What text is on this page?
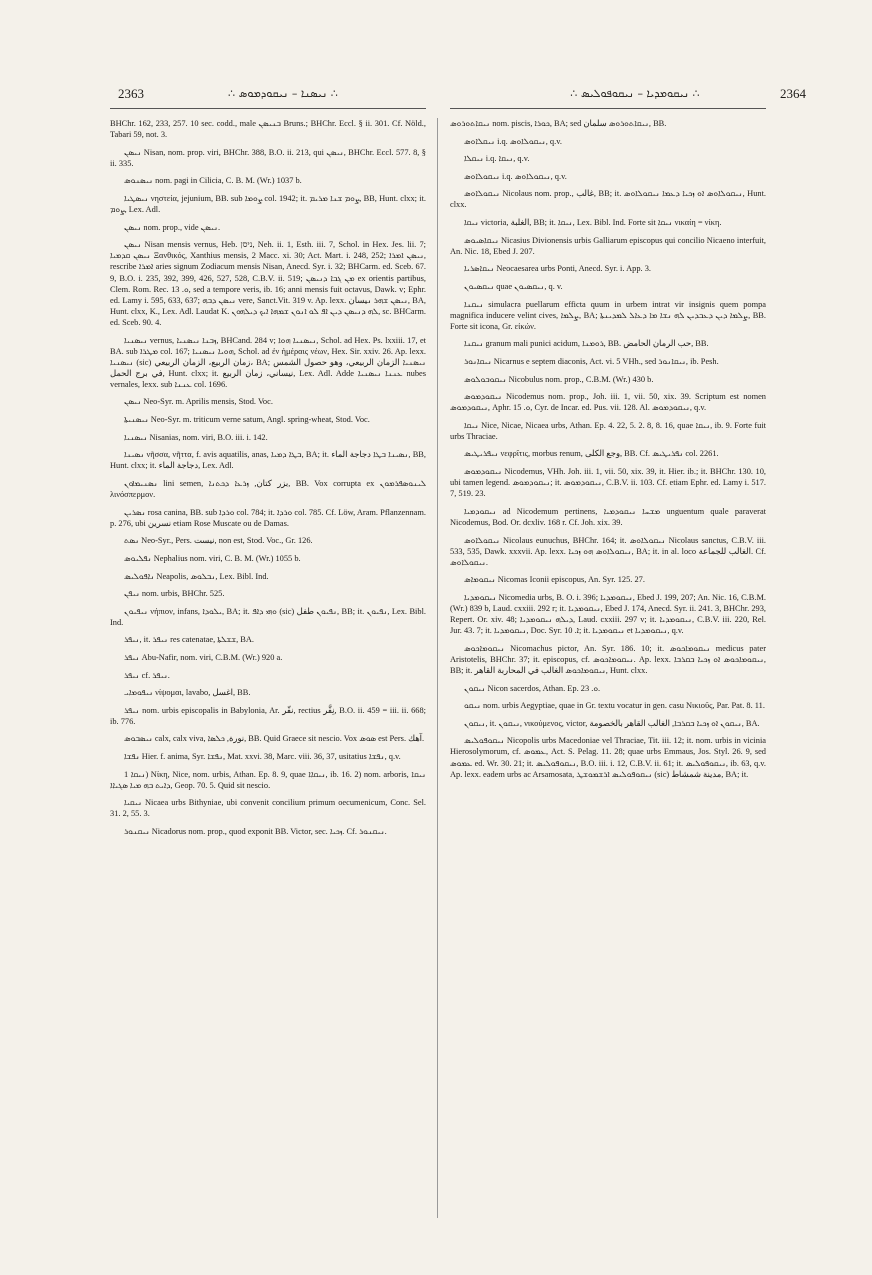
2363	∴ ܢܝܣܢܐ – ܢܝܩܘܕܡܘܣ ∴	∴ ܢܝܩܘܡܕܝܐ – ܢܝܩܘܦܘܠܝܣ ∴	2364

BHChr. 162, 233, 257. 10 sec. codd., male ܒܢܝܣܢ Bruns.; BHChr. Eccl. § ii. 301. Cf. Nöld., Tabari 59, not. 3.

ܢܝܣܢ Nisan, nom. prop. viri, BHChr. 388, B.O. ii. 213, qui ܢܝܣܢ, BHChr. Eccl. 577. 8, § ii. 335.

ܢܝܣܢܘܣ nom. pagi in Cilicia, C. B. M. (Wr.) 1037 b.

ܢܝܣܛܝܐ νηστεία, jejunium, BB. sub ܨܘܡܐ col. 1942; it. ܨܘܡ ܫܢܐ ܡܪܝܡ, BB, Hunt. clxx; it. ܨܘܡ, Lex. Adl.

ܢܝܣܢ nom. prop., vide ܢܝܣܢ.

ܢܝܣܢ Nisan mensis vernus, Heb. ניסן, Neh. ii. 1, Esth. iii. 7, Schol. in Hex. Jes. lii. 7; ܢܝܣܢ ܩܕܡܝܐ Ξανθικός, Xanthius mensis, 2 Macc. xi. 30; Act. Mart. i. 248, 252; ܢܝܣܢ ܐܡܪܐ, rescribe ܐܡܪܐ aries signum Zodiacum mensis Nisan, Anecd. Syr. i. 32; BHCarm. ed. Sceb. 67. 9, B.O. i. 235, 392, 399, 426, 527, 528, C.B.V. ii. 519; ܡܢ ܓܒܐ ܕܢܝܣܢ ex orientis partibus, Clem. Rom. Rec. ܘ. 13, sed a tempore veris, ib. 16; anni mensis fuit octavus, Dawk. v; Ephr. ed. Lamy i. 595, 633, 637; ܢܝܣܢ ܕܒܗ vere, Sanct.Vit. 319 v. Ap. lexx. ܢܝܣܢ ܫܗܪ ܢيسان, BA, Hunt. clxx, K., Lex. Adl. Laudat K. ܠܗ ܕܢܝܣܢ ܕܝܢ ܐܦ ܠܘ ܐܢܘܢ ܫܡܗܐ ܐܝܟ ܕܝܠܗܘܢ, sc. BHCarm. ed. Sceb. 90. 4.

ܢܝܣܢܝܐ vernus, ܙܒܢܐ ܢܝܣܢܝܐ, BHCand. 284 v; ܢܝܣܢܝܐ ܗܘܐ, Schol. ad Hex. Ps. lxxiii. 17, et BA. sub ܡܛܪܐ col. 167; ܗܘܝܐ ܢܝܣܢܝܐ, Schol. ad ἐν ἡμέραις νέων, Hex. Sir. xxiv. 26. Ap. lexx. ܢܝܣܢܝܐ (sic) زمان الربيع، الزمان الربيعي، BA; ܢܝܣܢܝܐ الزمان الربيعي، وهو حصول الشمس في برج الحمل, Hunt. clxx; it. نيساني، زمان الربيع, Lex. Adl. Adde ܥܢܢܐ ܢܝܣܢܝܐ nubes vernales, lexx. sub ܥܢܢܐ col. 1696.

ܢܝܣܢ Neo-Syr. m. Aprilis mensis, Stod. Voc.

ܢܝܣܢܝܬܐ Neo-Syr. m. triticum verne satum, Angl. spring-wheat, Stod. Voc.

ܢܝܣܢܝܐ Nisanias, nom. viri, B.O. iii. i. 142.

ܢܣܝܢܐ νῆσσα, νῆττα, f. avis aquatilis, anas, ܒܛܐ ܕܡܝܐ, BA; it. ܢܣܝܢܐ ܒܛܐ دجاجة الماء, BB, Hunt. clxx; it. دجاجة الماء, Lex. Adl.

ܢܣܢܝܡܐܘܢ lini semen, بزر كتان, ܙܪܥܐ ܕܟܬܢܐ, BB. Vox corrupta ex ܠܝܢܘܣܦܪܡܘܢ λινόσπερμον.

ܢܣܪܝܢ rosa canina, BB. sub ܘܪܕܐ col. 784; it. ܘܪܕܐ col. 785. Cf. Löw, Aram. Pflanzennam. p. 276, ubi نسرين etiam Rose Muscate ou de Damas.

ܢܣܬ Neo-Syr., Pers. نيست, non est, Stod. Voc., Gr. 126.

ܢܦܠܝܘܣ Nephalius nom. viri, C. B. M. (Wr.) 1055 b.

ܢܐܦܘܠܝܣ Neapolis, ܢܒܠܘܣ, Lex. Bibl. Ind.

ܢܝܦܢ nom. urbis, BHChr. 525.

ܢܝܦܝܘܢ νήπιον, infans, ܝܠܘܕܐ, BA; it. ܘܗܝ ܕܐܦ (sic) ܢܦܝܘܢ طفل, BB; it. ܢܦܝܘܢ, Lex. Bibl. Ind.

ܢܝܦܪ, it. ܢܝܦܪ res catenatae, ܫܫܠܬܐ, BA.

ܢܝܦܪ Abu-Nafir, nom. viri, C.B.M. (Wr.) 920 a.

ܢܝܦܪ cf. ܢܝܦܪ.

ܢܝܦܘܡܐܝ νίψομαι, lavabo, اغسل, BB.

ܢܝܦܪ nom. urbis episcopalis in Babylonia, Ar. نفّر, rectius نِفَّر, B.O. ii. 459 = iii. ii. 668; ib. 776.

ܢܝܣܒܘܣ calx, calx viva, نورة, ܟܠܣܐ, BB. Quid Graece sit nescio. Vox ܣܘܣ est Pers. آهك.

ܢܦܫܐ Hier. f. anima, Syr. ܢܦܫܐ, Mat. xxvi. 38, Marc. viii. 36, 37, usitatius ܢܦܫܐ, q.v.

ܢܝܩܐ 1) Νίκη, Nice, nom. urbis, Athan. Ep. 8. 9, quae ܢܝܩܐܐ, ib. 16. 2) nom. arboris, ܢܝܩܐ ܕܐܝܬ ܒܗ ܡܝܐ ܣܓܝܐܐ, Geop. 70. 5. Quid sit nescio.

ܢܝܩܝܐ Nicaea urbs Bithyniae, ubi convenit concilium primum oecumenicum, Conc. Sel. 31. 2, 55. 3.

ܢܝܩܢܘܪ Nicadorus nom. prop., quod exponit BB. Victor, sec. ܙܟܝܐ. Cf. ܢܝܩܢܘܪ.

ܢܝܩܐܬܘܪܘܣ nom. piscis, ܟܘܪܐ, BA; sed ܢܝܩܐܬܘܪܘܣ سلمان, BB.

ܢܝܩܠܐܘܣ i.q. ܢܝܩܘܠܐܘܣ, q.v.

ܢܝܩܠܐ i.q. ܢܝܩܐ, q.v.

ܢܝܩܘܠܐܘܣ i.q. ܢܝܩܘܠܐܘܣ, q.v.

ܢܝܩܘܠܐܘܣ Nicolaus nom. prop., غالب, BB; it. ܢܝܩܘܠܐܘܣ ܐܘ ܙܟܝܐ ܕܥܡܐ ܢܝܩܘܠܐܘܣ, Hunt. clxx.

ܢܝܩܐ victoria, الغلبة, BB; it. ܢܝܩܐ, Lex. Bibl. Ind. Forte sit ܢܝܩܐ νικαίη = νίκη.

ܢܝܩܐܣܝܘܣ Nicasius Divionensis urbis Galliarum episcopus qui concilio Nicaeno interfuit, An. Nic. 18, Ebed J. 207.

ܢܝܩܐܣܪܝܐ Neocaesarea urbs Ponti, Anecd. Syr. i. App. 3.

ܢܝܩܣܝܘܢ quae ܢܝܩܣܝܘܢ, q. v.

ܢܝܩܢܐ simulacra puellarum efficta quum in urbem intrat vir insignis quem pompa magnifica inducere velint cives, ܨܠܡܐ, BA; ܨܠܡܐ ܕܝܢ ܕܥܒܕܝܢ ܠܗ ܢܫܐ ܡܐ ܕܥܐܠ ܠܡܕܝܢܬܐ, BB. Forte sit icona, Gr. εἰκών.

ܢܝܩܢܐ granum mali punici acidum, ܪܘܡܢܐ, BB. حب الرمان الحامض, BB.

ܢܝܩܐܢܘܪ Nicarnus e septem diaconis, Act. vi. 5 VHh., sed ܢܝܩܐܢܘܪ, ib. Pesh.

ܢܝܩܘܒܘܠܘܣ Nicobulus nom. prop., C.B.M. (Wr.) 430 b.

ܢܝܩܘܕܡܘܣ Nicodemus nom. prop., Joh. iii. 1, vii. 50, xix. 39. Scriptum est nomen ܢܝܩܘܕܡܘܣ, Aphr. ܘ. 15, Cyr. de Incar. ed. Pus. vii. 128. Al. ܢܝܩܘܕܡܘܣ, q.v.

ܢܝܩܐ Nice, Nicae, Nicaea urbs, Athan. Ep. 4. 22, 5. 2. 8, 8. 16, quae ܢܝܩܐ, ib. 9. Forte fuit urbs Thraciae.

ܢܝܦܪܝܛܝܣ νεφρῖτις, morbus renum, وجع الكلى, BB. Cf. ܢܦܪܝܛܝܣ col. 2261.

ܢܝܩܘܕܡܘܣ Nicodemus, VHh. Joh. iii. 1, vii. 50, xix. 39, it. Hier. ib.; it. BHChr. 130. 10, ubi tamen legend. ܢܝܩܘܕܡܘܣ; it. ܢܝܩܘܕܡܘܣ, C.B.V. ii. 103. Cf. etiam Ephr. ed. Lamy i. 517. 7, 519. 23.

ܢܝܩܘܕܡܝܐ ad Nicodemum pertinens, ܡܫܚܐ ܢܝܩܘܕܡܝܐ unguentum quale paraverat Nicodemus, Bod. Or. dcxliv. 168 r. Cf. Joh. xix. 39.

ܢܝܩܘܠܐܘܣ Nicolaus eunuchus, BHChr. 164; it. ܢܝܩܘܠܐܘܣ Nicolaus sanctus, C.B.V. iii. 533, 535, Dawk. xxxvii. Ap. lexx. ܢܝܩܘܠܐܘܣ ܗܘ ܙܟܝܐ, BA; it. in al. loco الغالب للجماعة. Cf. ܢܝܩܘܠܐܘܣ.

ܢܝܩܘܡܐܣ Nicomas Iconii episcopus, An. Syr. 125. 27.

ܢܝܩܘܡܕܝܐ Nicomedia urbs, B. O. i. 396; ܢܝܩܘܡܕܝܐ, Ebed J. 199, 207; An. Nic. 16, C.B.M. (Wr.) 839 b, Laud. cxxiii. 292 r; it. ܢܝܩܘܡܕܝܐ, Ebed J. 174, Anecd. Syr. ii. 241. 3, BHChr. 293, Repert. Or. xiv. 48; ܕܝܠܗ ܢܝܩܘܡܕܝܐ, Laud. cxxiii. 297 v; it. ܢܝܩܘܡܕܝܐ, C.B.V. iii. 220, Rel. Jur. 43. 7; it. ܢܝܩܘܡܕܝܐ, Doc. Syr. ܐ. 10; it. ܢܝܩܘܡܕܝܐ et ܢܝܩܘܡܕܝܐ, q.v.

ܢܝܩܘܡܐܟܘܣ Nicomachus pictor, An. Syr. 186. 10; it. ܢܝܩܘܡܐܟܘܣ medicus pater Aristotelis, BHChr. 37; it. episcopus, cf. ܢܝܩܘܡܐܟܘܣ. Ap. lexx. ܢܝܩܘܡܐܟܘܣ ܐܘ ܙܟܝܐ ܒܩܪܒܐ, BB; it. ܢܝܩܘܡܐܟܘܣ الغالب في المحاربة القاهر, Hunt. clxx.

ܢܝܩܘܢ Nicon sacerdos, Athan. Ep. ܘ. 23.

ܢܝܩܘ nom. urbis Aegyptiae, quae in Gr. textu vocatur in gen. casu Νικιοῦς, Par. Pat. 8. 11.

ܢܝܩܘܢ, it. ܢܝܩܘܢ, νικούμενος, victor, ܢܝܩܘܢ ܐܘ ܙܟܝܐ ܒܩܪܒܐ, الغالب القاهر بالخصومة, BA.

ܢܝܩܘܦܘܠܝܣ Nicopolis urbs Macedoniae vel Thraciae, Tit. iii. 12; it. nom. urbis in vicinia Hierosolymorum, cf. ܥܡܘܣ, Act. S. Pelag. 11. 28; quae urbs Emmaus, Jos. Styl. 26. 9, sed ܥܡܘܣ ed. Wr. 30. 21; it. ܢܝܩܘܦܘܠܝܣ, B.O. iii. i. 12, C.B.V. ii. 61; it. ܢܝܩܘܦܘܠܝܣ, ib. 63, q.v. Ap. lexx. eadem urbs ac Arsamosata, ܢܝܩܘܦܘܠܝܣ ܐܪܫܡܘܫܛ (sic) مدينة شمشاط, BA; it.
